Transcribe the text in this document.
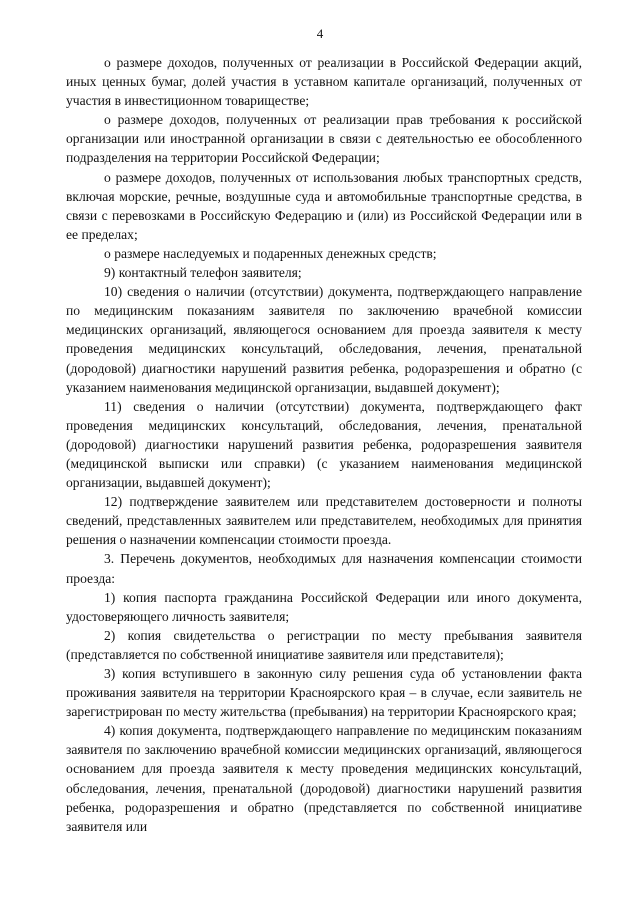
4

о размере доходов, полученных от реализации в Российской Федерации акций, иных ценных бумаг, долей участия в уставном капитале организаций, полученных от участия в инвестиционном товариществе;

о размере доходов, полученных от реализации прав требования к российской организации или иностранной организации в связи с деятельностью ее обособленного подразделения на территории Российской Федерации;

о размере доходов, полученных от использования любых транспортных средств, включая морские, речные, воздушные суда и автомобильные транспортные средства, в связи с перевозками в Российскую Федерацию и (или) из Российской Федерации или в ее пределах;

о размере наследуемых и подаренных денежных средств;

9) контактный телефон заявителя;

10) сведения о наличии (отсутствии) документа, подтверждающего направление по медицинским показаниям заявителя по заключению врачебной комиссии медицинских организаций, являющегося основанием для проезда заявителя к месту проведения медицинских консультаций, обследования, лечения, пренатальной (дородовой) диагностики нарушений развития ребенка, родоразрешения и обратно (с указанием наименования медицинской организации, выдавшей документ);

11) сведения о наличии (отсутствии) документа, подтверждающего факт проведения медицинских консультаций, обследования, лечения, пренатальной (дородовой) диагностики нарушений развития ребенка, родоразрешения заявителя (медицинской выписки или справки) (с указанием наименования медицинской организации, выдавшей документ);

12) подтверждение заявителем или представителем достоверности и полноты сведений, представленных заявителем или представителем, необходимых для принятия решения о назначении компенсации стоимости проезда.

3. Перечень документов, необходимых для назначения компенсации стоимости проезда:

1) копия паспорта гражданина Российской Федерации или иного документа, удостоверяющего личность заявителя;

2) копия свидетельства о регистрации по месту пребывания заявителя (представляется по собственной инициативе заявителя или представителя);

3) копия вступившего в законную силу решения суда об установлении факта проживания заявителя на территории Красноярского края – в случае, если заявитель не зарегистрирован по месту жительства (пребывания) на территории Красноярского края;

4) копия документа, подтверждающего направление по медицинским показаниям заявителя по заключению врачебной комиссии медицинских организаций, являющегося основанием для проезда заявителя к месту проведения медицинских консультаций, обследования, лечения, пренатальной (дородовой) диагностики нарушений развития ребенка, родоразрешения и обратно (представляется по собственной инициативе заявителя или
